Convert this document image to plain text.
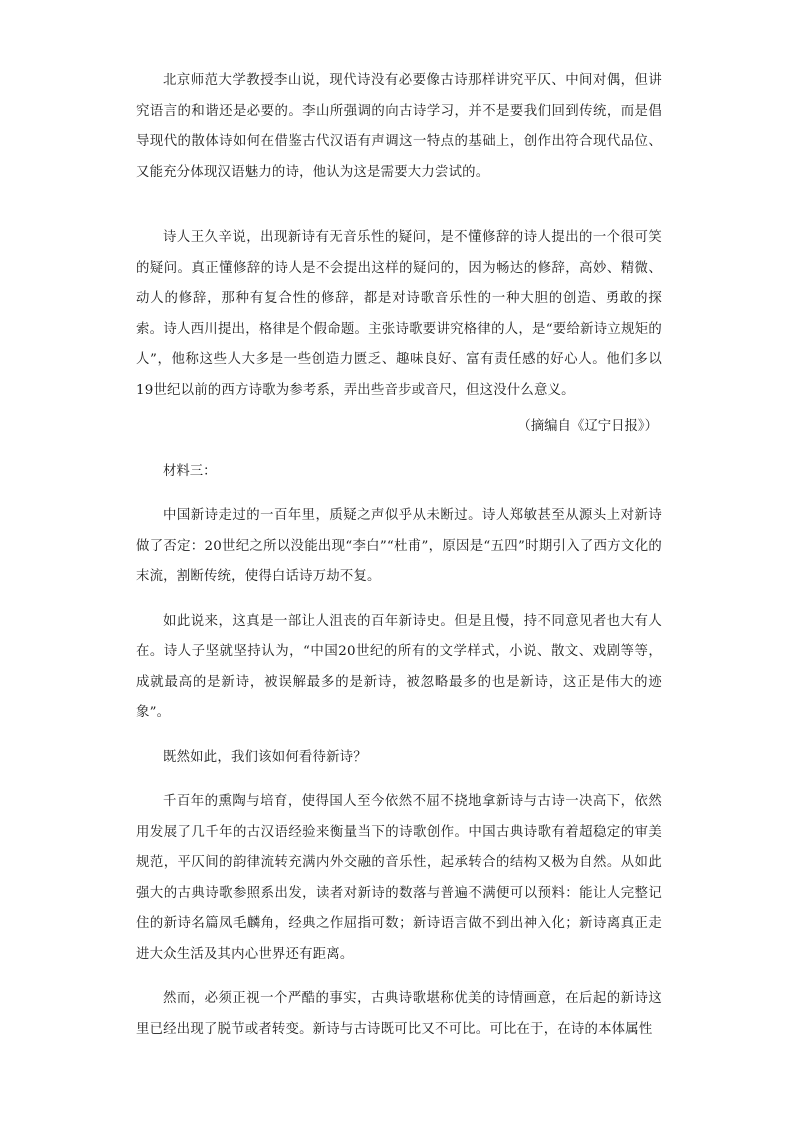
北京师范大学教授李山说，现代诗没有必要像古诗那样讲究平仄、中间对偶，但讲究语言的和谐还是必要的。李山所强调的向古诗学习，并不是要我们回到传统，而是倡导现代的散体诗如何在借鉴古代汉语有声调这一特点的基础上，创作出符合现代品位、又能充分体现汉语魅力的诗，他认为这是需要大力尝试的。

诗人王久辛说，出现新诗有无音乐性的疑问，是不懂修辞的诗人提出的一个很可笑的疑问。真正懂修辞的诗人是不会提出这样的疑问的，因为畅达的修辞，高妙、精微、动人的修辞，那种有复合性的修辞，都是对诗歌音乐性的一种大胆的创造、勇敢的探索。诗人西川提出，格律是个假命题。主张诗歌要讲究格律的人，是“要给新诗立规矩的人”，他称这些人大多是一些创造力匮乏、趣味良好、富有责任感的好心人。他们多以19世纪以前的西方诗歌为参考系，弄出些音步或音尺，但这没什么意义。

（摘编自《辽宁日报》）

材料三：

中国新诗走过的一百年里，质疑之声似乎从未断过。诗人郑敏甚至从源头上对新诗做了否定：20世纪之所以没能出现“李白”“杜甫”，原因是“五四”时期引入了西方文化的末流，割断传统，使得白话诗万劫不复。

如此说来，这真是一部让人沮丧的百年新诗史。但是且慢，持不同意见者也大有人在。诗人子坚就坚持认为，“中国20世纪的所有的文学样式，小说、散文、戏剧等等，成就最高的是新诗，被误解最多的是新诗，被忽略最多的也是新诗，这正是伟大的迹象”。

既然如此，我们该如何看待新诗？

千百年的熏陶与培育，使得国人至今依然不屈不挠地拿新诗与古诗一决高下，依然用发展了几千年的古汉语经验来衡量当下的诗歌创作。中国古典诗歌有着超稳定的审美规范，平仄间的韵律流转充满内外交融的音乐性，起承转合的结构又极为自然。从如此强大的古典诗歌参照系出发，读者对新诗的数落与普遍不满便可以预料：能让人完整记住的新诗名篇凤毛麟角，经典之作屈指可数；新诗语言做不到出神入化；新诗离真正走进大众生活及其内心世界还有距离。

然而，必须正视一个严酷的事实，古典诗歌堪称优美的诗情画意，在后起的新诗这里已经出现了脱节或者转变。新诗与古诗既可比又不可比。可比在于，在诗的本体属性
